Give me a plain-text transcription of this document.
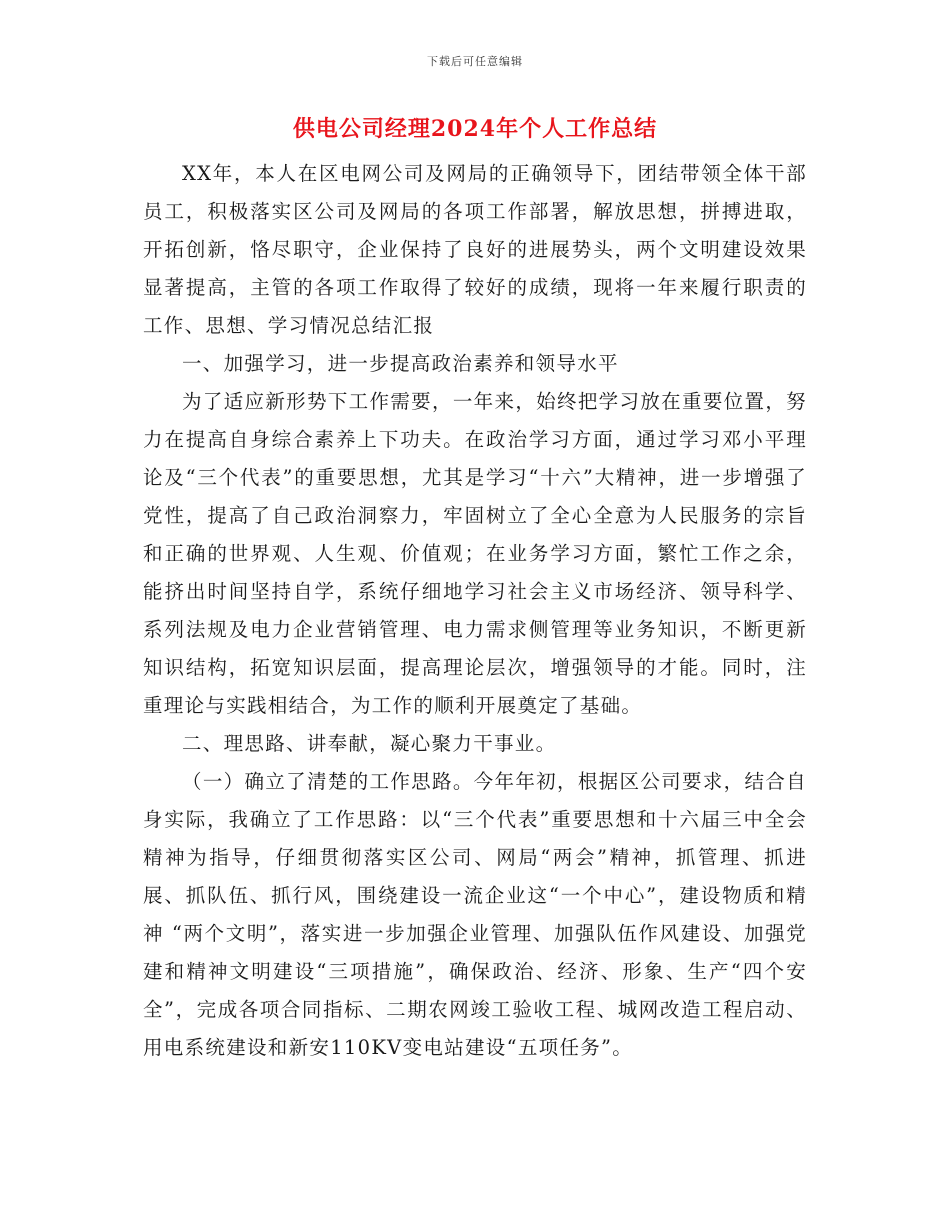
下载后可任意编辑
供电公司经理2024年个人工作总结

XX年，本人在区电网公司及网局的正确领导下，团结带领全体干部员工，积极落实区公司及网局的各项工作部署，解放思想，拼搏进取，开拓创新，恪尽职守，企业保持了良好的进展势头，两个文明建设效果显著提高，主管的各项工作取得了较好的成绩，现将一年来履行职责的工作、思想、学习情况总结汇报

一、加强学习，进一步提高政治素养和领导水平

为了适应新形势下工作需要，一年来，始终把学习放在重要位置，努力在提高自身综合素养上下功夫。在政治学习方面，通过学习邓小平理论及“三个代表”的重要思想，尤其是学习“十六”大精神，进一步增强了党性，提高了自己政治洞察力，牢固树立了全心全意为人民服务的宗旨和正确的世界观、人生观、价值观；在业务学习方面，繁忙工作之余，能挤出时间坚持自学，系统仔细地学习社会主义市场经济、领导科学、系列法规及电力企业营销管理、电力需求侧管理等业务知识，不断更新知识结构，拓宽知识层面，提高理论层次，增强领导的才能。同时，注重理论与实践相结合，为工作的顺利开展奠定了基础。

二、理思路、讲奉献，凝心聚力干事业。

（一）确立了清楚的工作思路。今年年初，根据区公司要求，结合自身实际，我确立了工作思路：以“三个代表”重要思想和十六届三中全会精神为指导，仔细贯彻落实区公司、网局“两会”精神，抓管理、抓进展、抓队伍、抓行风，围绕建设一流企业这“一个中心”，建设物质和精神 “两个文明”，落实进一步加强企业管理、加强队伍作风建设、加强党建和精神文明建设“三项措施”，确保政治、经济、形象、生产“四个安全”，完成各项合同指标、二期农网竣工验收工程、城网改造工程启动、用电系统建设和新安110KV变电站建设“五项任务”。
